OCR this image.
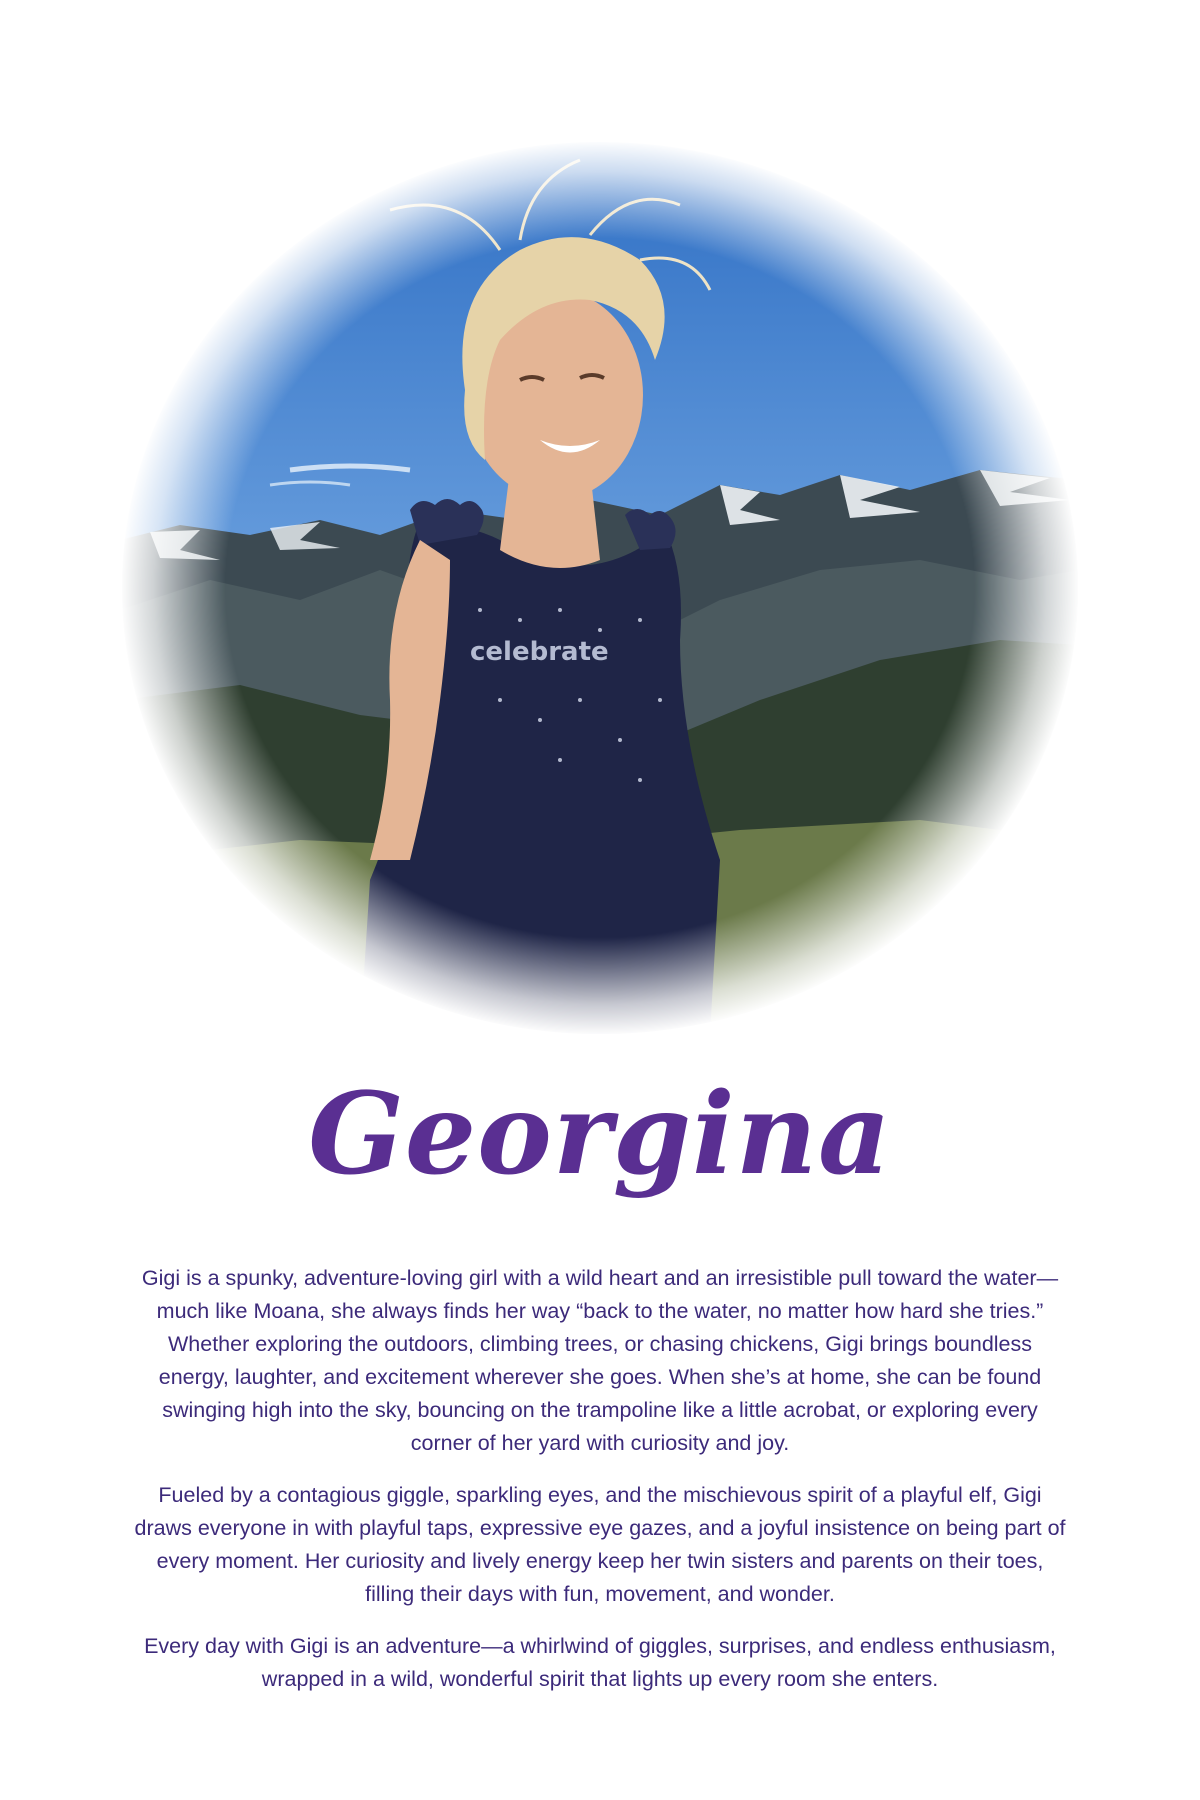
Georgina

Gigi is a spunky, adventure-loving girl with a wild heart and an irresistible pull toward the water—much like Moana, she always finds her way “back to the water, no matter how hard she tries.” Whether exploring the outdoors, climbing trees, or chasing chickens, Gigi brings boundless energy, laughter, and excitement wherever she goes. When she’s at home, she can be found swinging high into the sky, bouncing on the trampoline like a little acrobat, or exploring every corner of her yard with curiosity and joy.

Fueled by a contagious giggle, sparkling eyes, and the mischievous spirit of a playful elf, Gigi draws everyone in with playful taps, expressive eye gazes, and a joyful insistence on being part of every moment. Her curiosity and lively energy keep her twin sisters and parents on their toes, filling their days with fun, movement, and wonder.

Every day with Gigi is an adventure—a whirlwind of giggles, surprises, and endless enthusiasm, wrapped in a wild, wonderful spirit that lights up every room she enters.
